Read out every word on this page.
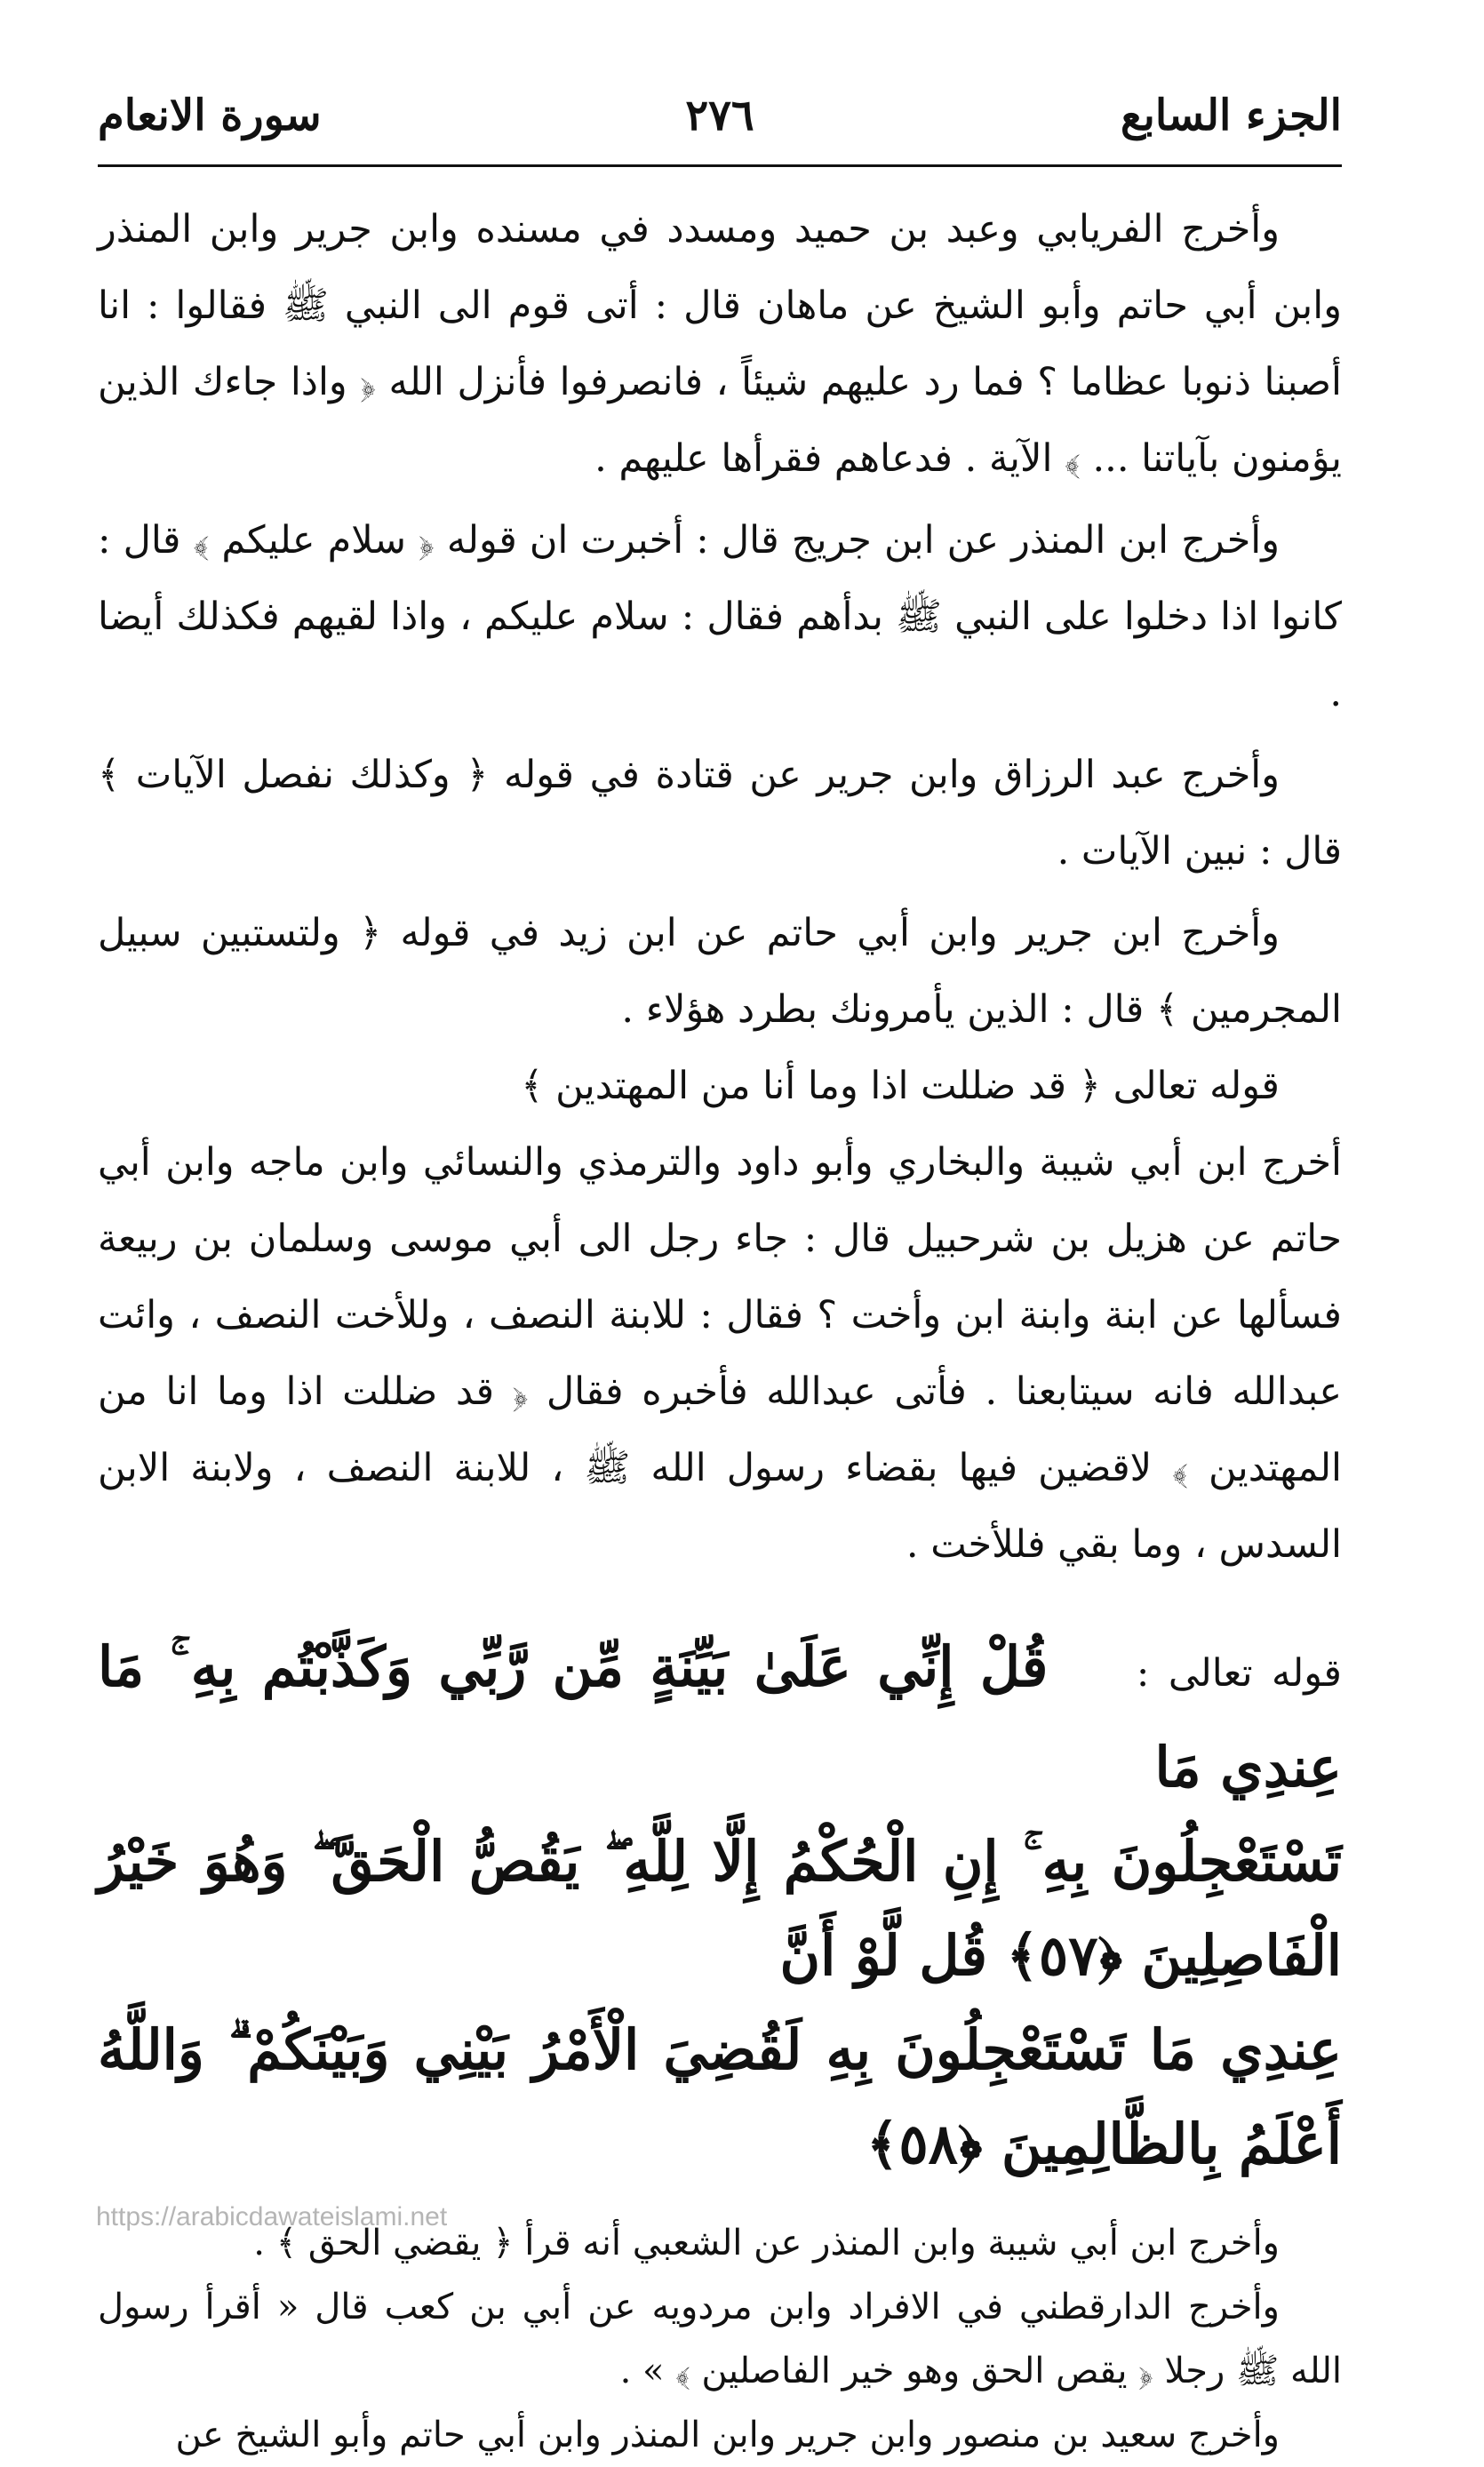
الجزء السابع
٢٧٦
سورة الانعام

وأخرج الفريابي وعبد بن حميد ومسدد في مسنده وابن جرير وابن المنذر وابن أبي حاتم وأبو الشيخ عن ماهان قال : أتى قوم الى النبي ﷺ فقالوا : انا أصبنا ذنوبا عظاما ؟ فما رد عليهم شيئاً ، فانصرفوا فأنزل الله ﴿ واذا جاءك الذين يؤمنون بآياتنا ... ﴾ الآية . فدعاهم فقرأها عليهم .

وأخرج ابن المنذر عن ابن جريج قال : أخبرت ان قوله ﴿ سلام عليكم ﴾ قال : كانوا اذا دخلوا على النبي ﷺ بدأهم فقال : سلام عليكم ، واذا لقيهم فكذلك أيضا .

وأخرج عبد الرزاق وابن جرير عن قتادة في قوله ﴿ وكذلك نفصل الآيات ﴾ قال : نبين الآيات .

وأخرج ابن جرير وابن أبي حاتم عن ابن زيد في قوله ﴿ ولتستبين سبيل المجرمين ﴾ قال : الذين يأمرونك بطرد هؤلاء .

قوله تعالى ﴿ قد ضللت اذا وما أنا من المهتدين ﴾

أخرج ابن أبي شيبة والبخاري وأبو داود والترمذي والنسائي وابن ماجه وابن أبي حاتم عن هزيل بن شرحبيل قال : جاء رجل الى أبي موسى وسلمان بن ربيعة فسألها عن ابنة وابنة ابن وأخت ؟ فقال : للابنة النصف ، وللأخت النصف ، وائت عبدالله فانه سيتابعنا . فأتى عبدالله فأخبره فقال ﴿ قد ضللت اذا وما انا من المهتدين ﴾ لاقضين فيها بقضاء رسول الله ﷺ ، للابنة النصف ، ولابنة الابن السدس ، وما بقي فللأخت .

قوله تعالى : قُلْ إِنِّي عَلَىٰ بَيِّنَةٍ مِّن رَّبِّي وَكَذَّبْتُم بِهِ ۚ مَا عِندِي مَا

تَسْتَعْجِلُونَ بِهِ ۚ إِنِ الْحُكْمُ إِلَّا لِلَّهِ ۖ يَقُصُّ الْحَقَّ ۖ وَهُوَ خَيْرُ الْفَاصِلِينَ ﴿٥٧﴾ قُل لَّوْ أَنَّ

عِندِي مَا تَسْتَعْجِلُونَ بِهِ لَقُضِيَ الْأَمْرُ بَيْنِي وَبَيْنَكُمْ ۗ وَاللَّهُ أَعْلَمُ بِالظَّالِمِينَ ﴿٥٨﴾

وأخرج ابن أبي شيبة وابن المنذر عن الشعبي أنه قرأ ﴿ يقضي الحق ﴾ .

وأخرج الدارقطني في الافراد وابن مردويه عن أبي بن كعب قال « أقرأ رسول الله ﷺ رجلا ﴿ يقص الحق وهو خير الفاصلين ﴾ » .

وأخرج سعيد بن منصور وابن جرير وابن المنذر وابن أبي حاتم وأبو الشيخ عن

https://arabicdawateislami.net
